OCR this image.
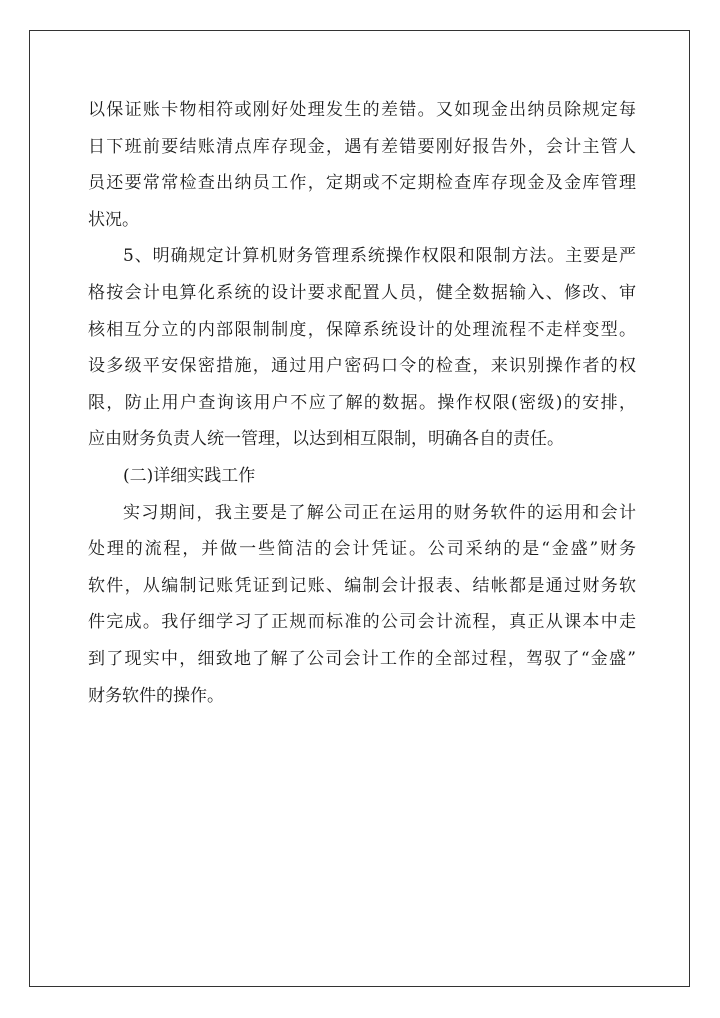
以保证账卡物相符或刚好处理发生的差错。又如现金出纳员除规定每
日下班前要结账清点库存现金，遇有差错要刚好报告外，会计主管人
员还要常常检查出纳员工作，定期或不定期检查库存现金及金库管理
状况。
5、明确规定计算机财务管理系统操作权限和限制方法。主要是严
格按会计电算化系统的设计要求配置人员，健全数据输入、修改、审
核相互分立的内部限制制度，保障系统设计的处理流程不走样变型。
设多级平安保密措施，通过用户密码口令的检查，来识别操作者的权
限，防止用户查询该用户不应了解的数据。操作权限(密级)的安排，
应由财务负责人统一管理，以达到相互限制，明确各自的责任。
(二)详细实践工作
实习期间，我主要是了解公司正在运用的财务软件的运用和会计
处理的流程，并做一些简洁的会计凭证。公司采纳的是“金盛”财务
软件，从编制记账凭证到记账、编制会计报表、结帐都是通过财务软
件完成。我仔细学习了正规而标准的公司会计流程，真正从课本中走
到了现实中，细致地了解了公司会计工作的全部过程，驾驭了“金盛”
财务软件的操作。
